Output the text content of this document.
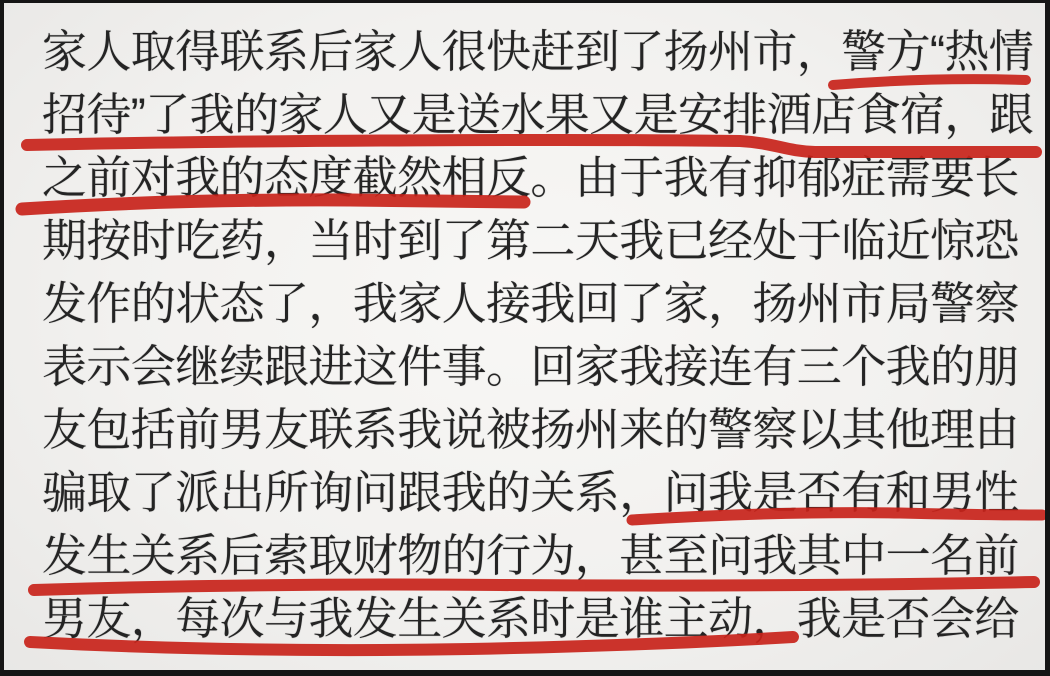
家人取得联系后家人很快赶到了扬州市，警方“热情
招待”了我的家人又是送水果又是安排酒店食宿，跟
之前对我的态度截然相反。由于我有抑郁症需要长
期按时吃药，当时到了第二天我已经处于临近惊恐
发作的状态了，我家人接我回了家，扬州市局警察
表示会继续跟进这件事。回家我接连有三个我的朋
友包括前男友联系我说被扬州来的警察以其他理由
骗取了派出所询问跟我的关系，问我是否有和男性
发生关系后索取财物的行为，甚至问我其中一名前
男友，每次与我发生关系时是谁主动，我是否会给
